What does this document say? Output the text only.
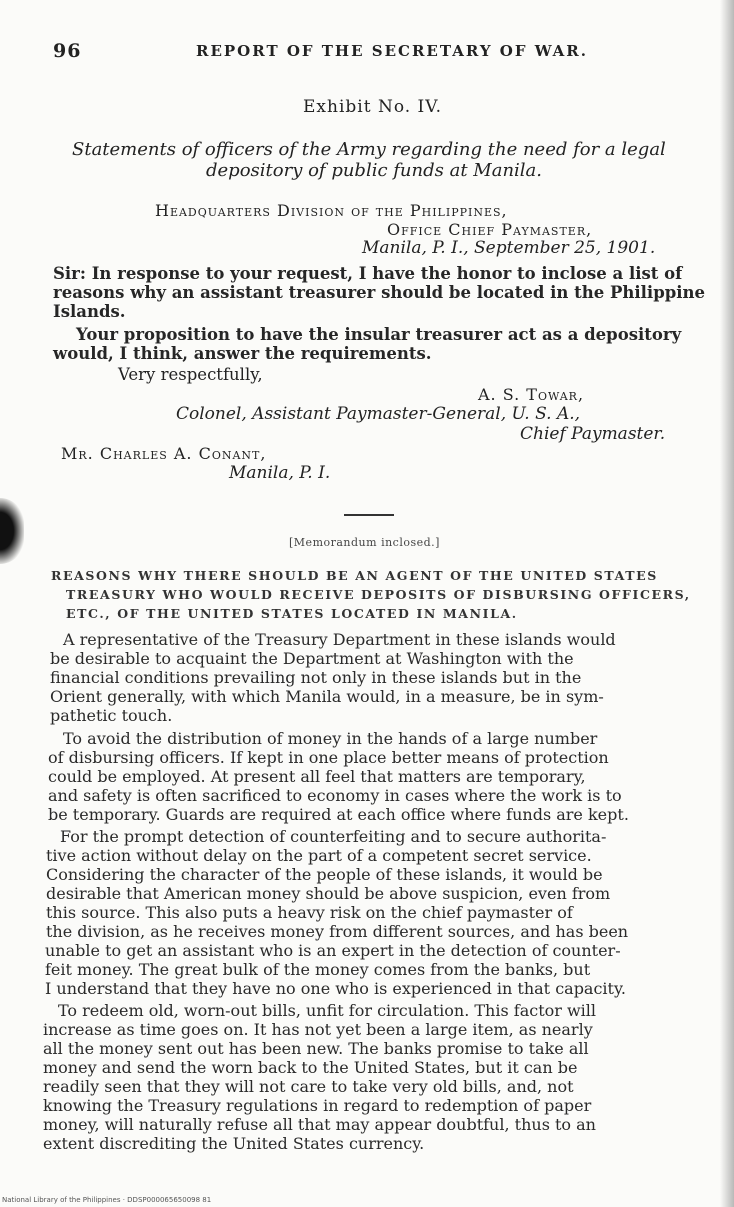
96	REPORT OF THE SECRETARY OF WAR.
Exhibit No. IV.
Statements of officers of the Army regarding the need for a legal
depository of public funds at Manila.
Headquarters Division of the Philippines,
Office Chief Paymaster,
Manila, P. I., September 25, 1901.
Sir: In response to your request, I have the honor to inclose a list of
reasons why an assistant treasurer should be located in the Philippine
Islands.
Your proposition to have the insular treasurer act as a depository
would, I think, answer the requirements.
Very respectfully,
A. S. Towar,
Colonel, Assistant Paymaster-General, U. S. A.,
Chief Paymaster.
Mr. Charles A. Conant,
Manila, P. I.
[Memorandum inclosed.]
REASONS WHY THERE SHOULD BE AN AGENT OF THE UNITED STATES
TREASURY WHO WOULD RECEIVE DEPOSITS OF DISBURSING OFFICERS,
ETC., OF THE UNITED STATES LOCATED IN MANILA.
A representative of the Treasury Department in these islands would
be desirable to acquaint the Department at Washington with the
financial conditions prevailing not only in these islands but in the
Orient generally, with which Manila would, in a measure, be in sym-
pathetic touch.
To avoid the distribution of money in the hands of a large number
of disbursing officers. If kept in one place better means of protection
could be employed. At present all feel that matters are temporary,
and safety is often sacrificed to economy in cases where the work is to
be temporary. Guards are required at each office where funds are kept.
For the prompt detection of counterfeiting and to secure authorita-
tive action without delay on the part of a competent secret service.
Considering the character of the people of these islands, it would be
desirable that American money should be above suspicion, even from
this source. This also puts a heavy risk on the chief paymaster of
the division, as he receives money from different sources, and has been
unable to get an assistant who is an expert in the detection of counter-
feit money. The great bulk of the money comes from the banks, but
I understand that they have no one who is experienced in that capacity.
To redeem old, worn-out bills, unfit for circulation. This factor will
increase as time goes on. It has not yet been a large item, as nearly
all the money sent out has been new. The banks promise to take all
money and send the worn back to the United States, but it can be
readily seen that they will not care to take very old bills, and, not
knowing the Treasury regulations in regard to redemption of paper
money, will naturally refuse all that may appear doubtful, thus to an
extent discrediting the United States currency.
National Library of the Philippines · DDSP000065650098 81
